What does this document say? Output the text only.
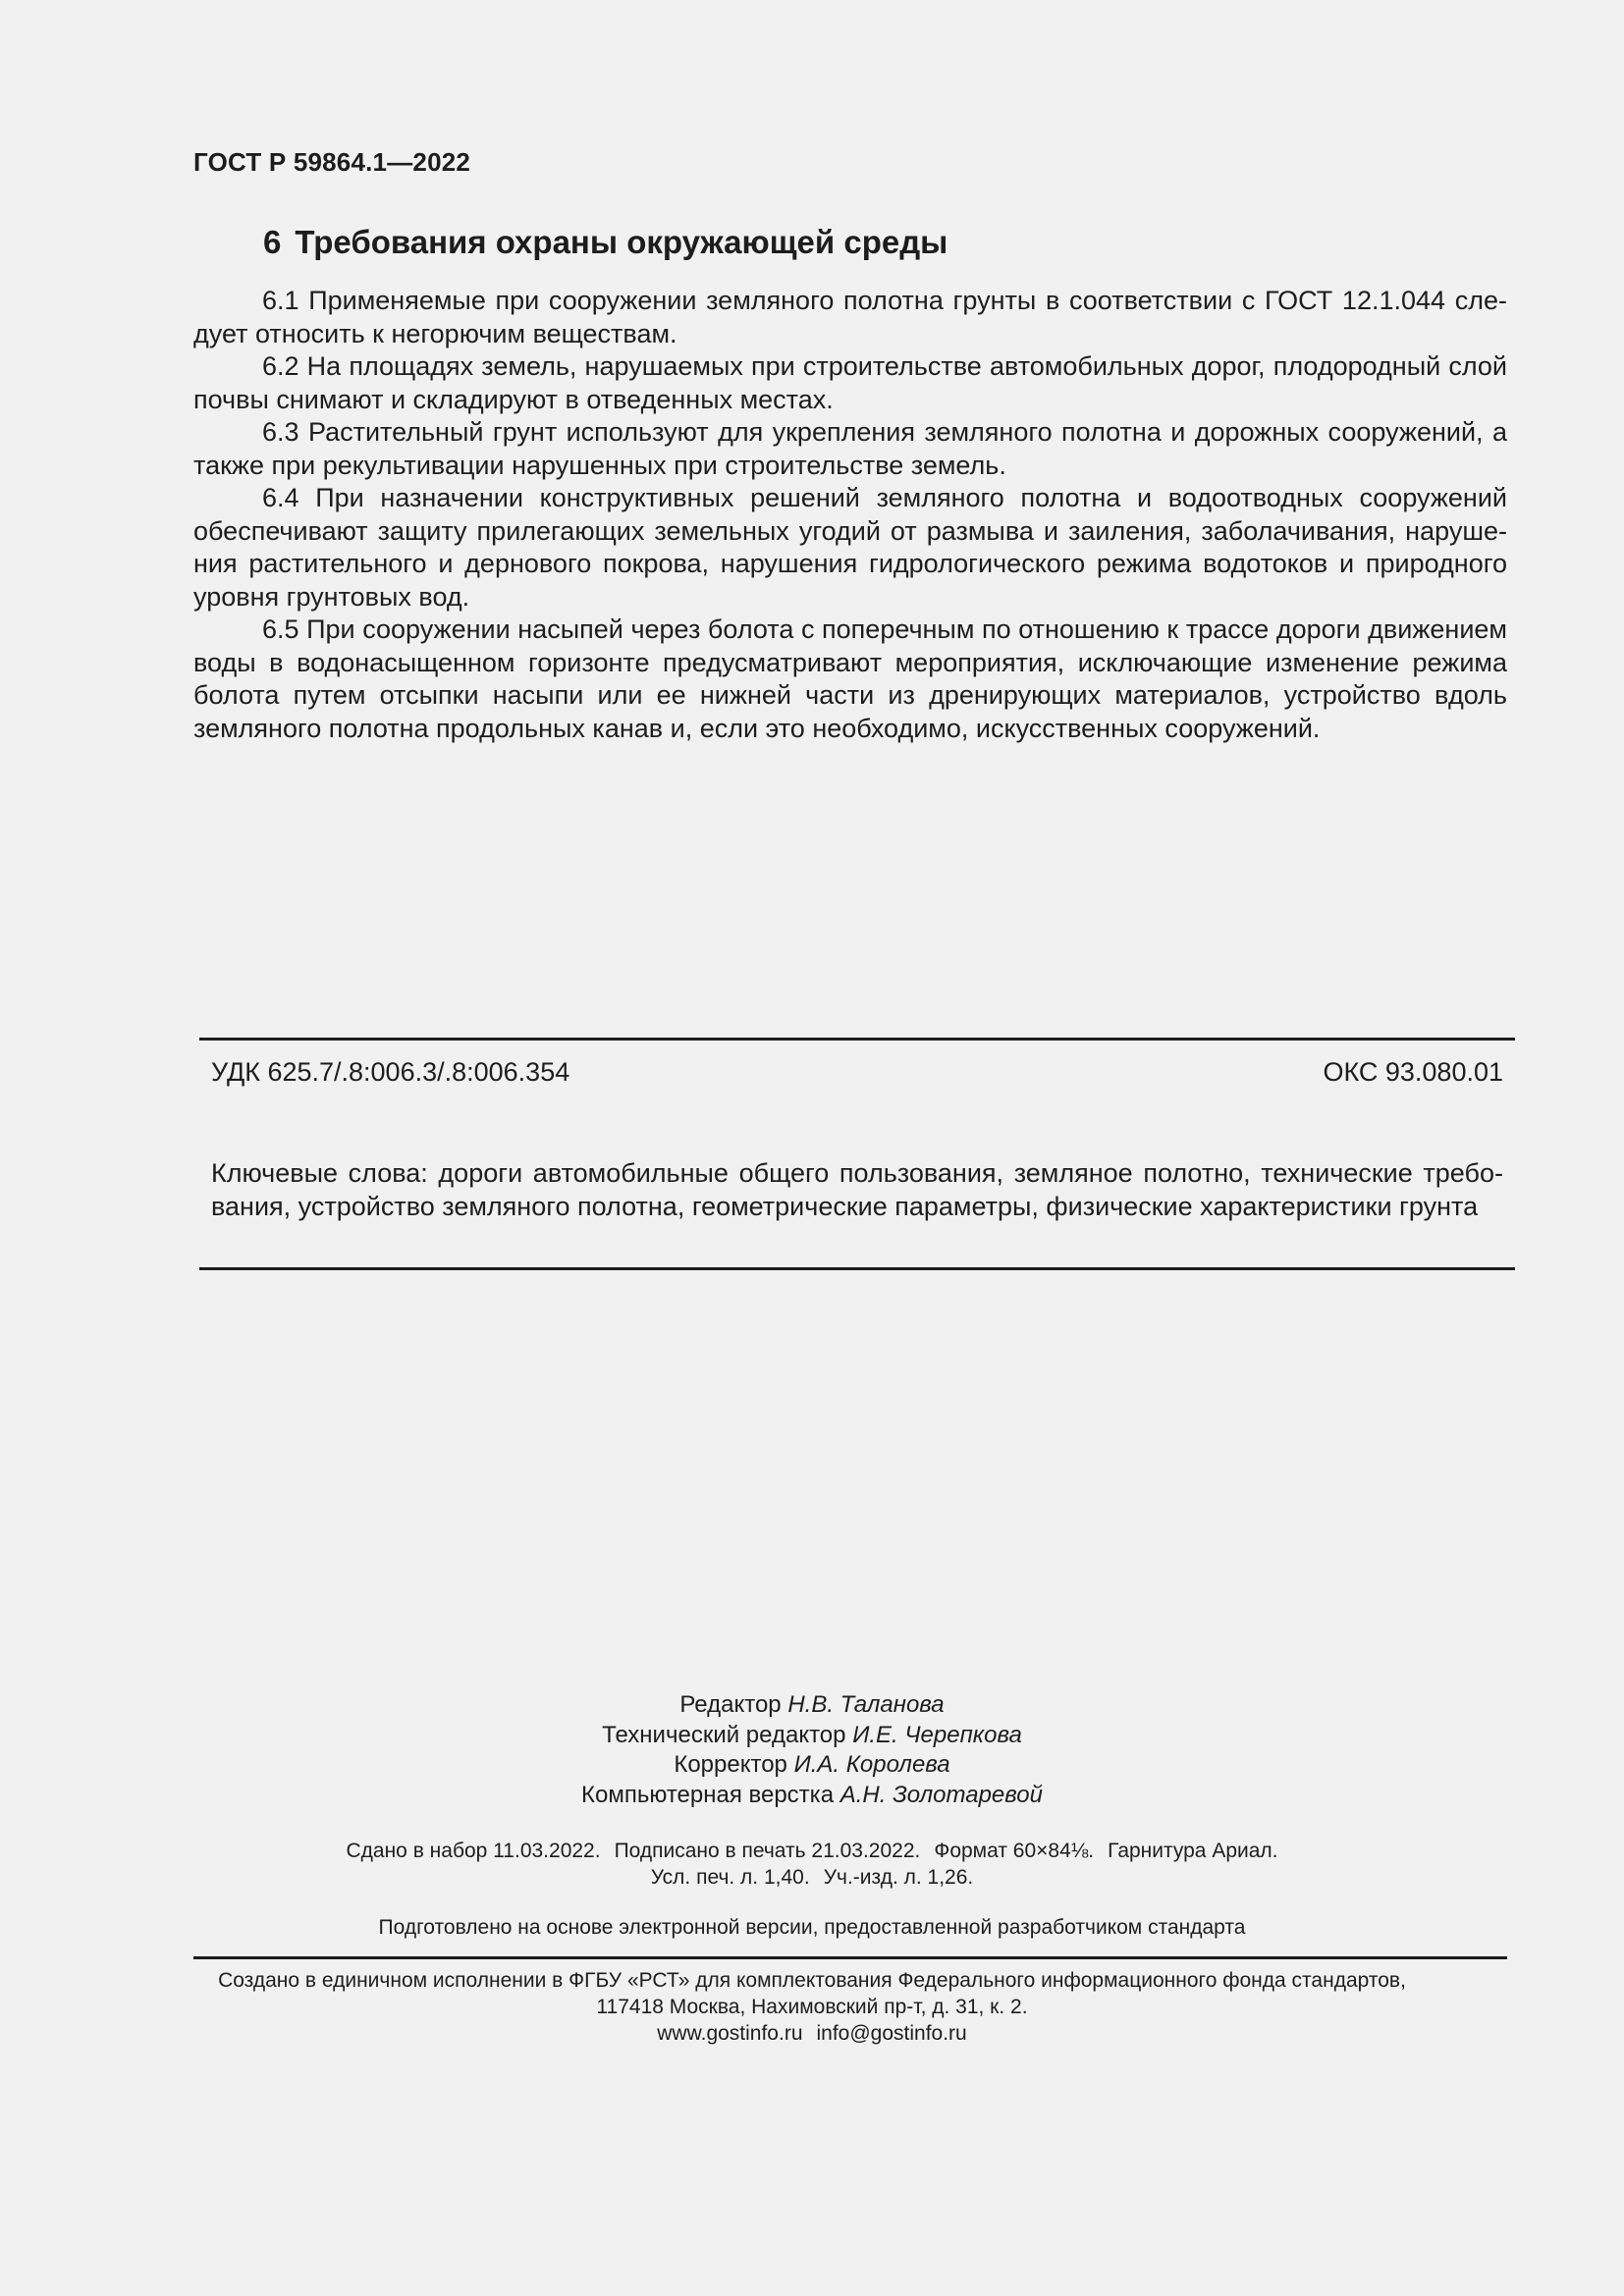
ГОСТ Р 59864.1—2022
6 Требования охраны окружающей среды

6.1 Применяемые при сооружении земляного полотна грунты в соответствии с ГОСТ 12.1.044 следует относить к негорючим веществам.

6.2 На площадях земель, нарушаемых при строительстве автомобильных дорог, плодородный слой почвы снимают и складируют в отведенных местах.

6.3 Растительный грунт используют для укрепления земляного полотна и дорожных сооружений, а также при рекультивации нарушенных при строительстве земель.

6.4 При назначении конструктивных решений земляного полотна и водоотводных сооружений обеспечивают защиту прилегающих земельных угодий от размыва и заиления, заболачивания, нарушения растительного и дернового покрова, нарушения гидрологического режима водотоков и природного уровня грунтовых вод.

6.5 При сооружении насыпей через болота с поперечным по отношению к трассе дороги движением воды в водонасыщенном горизонте предусматривают мероприятия, исключающие изменение режима болота путем отсыпки насыпи или ее нижней части из дренирующих материалов, устройство вдоль земляного полотна продольных канав и, если это необходимо, искусственных сооружений.

УДК 625.7/.8:006.3/.8:006.354	ОКС 93.080.01
Ключевые слова: дороги автомобильные общего пользования, земляное полотно, технические требования, устройство земляного полотна, геометрические параметры, физические характеристики грунта
Редактор Н.В. Таланова
Технический редактор И.Е. Черепкова
Корректор И.А. Королева
Компьютерная верстка А.Н. Золотаревой
Сдано в набор 11.03.2022. Подписано в печать 21.03.2022. Формат 60×84⅛. Гарнитура Ариал.
Усл. печ. л. 1,40. Уч.-изд. л. 1,26.
Подготовлено на основе электронной версии, предоставленной разработчиком стандарта
Создано в единичном исполнении в ФГБУ «РСТ» для комплектования Федерального информационного фонда стандартов,
117418 Москва, Нахимовский пр-т, д. 31, к. 2.
www.gostinfo.ru info@gostinfo.ru
